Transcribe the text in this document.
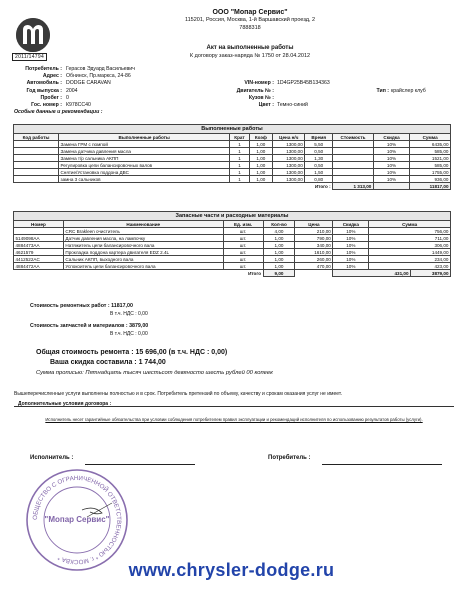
2011/14794
ООО "Мопар Сервис"
115201, Россия, Москва, 1-й Варшавский проезд, 2
7888318
Акт на выполненные работы
К договору заказ-наряда № 1750 от 28.04.2012
Потребитель : Герасов Эдуард Васильевич
Адрес : Обнинск, Пр.маркса, 24-86
Автомобиль : DODGE CARAVAN	VIN-номер : 1D4GP25B45B134363
Год выпуска : 2004	Двигатель № :	Тип : крайслер клуб
Пробег : 0	Кузов № :
Гос. номер : К978СС40	Цвет : Темно-синий
Особые данные и рекомендации :
Выполненные работы								
Код работы	Выполненные работы	Крат	Коэф	Цена н/ч	Время	Стоимость	Скидка	Сумма
	Замена ГРМ с помпой	1	1,00	1300,00	5,50		10%	6435,00
	Замена датчика давления масла	1	1,00	1300,00	0,50		10%	585,00
	Замена т/р сальника АКПП	1	1,00	1300,00	1,30		10%	1521,00
	Регулировка цепи балансировочных валов	1	1,00	1300,00	0,50		10%	585,00
	Снятие/Установка поддона ДВС	1	1,00	1300,00	1,50		10%	1755,00
	замна 3 сальников	1	1,00	1300,00	0,80		10%	936,00
					Итого :	1 313,00		11817,00
Запасные части и расходные материалы							
Номер	Наименование	Ед. изм.	Кол-во	Цена	Скидка	Сумма	
	CRC Brakleen очиститель	шт.	4,00	210,00	10%	756,00	
5149098AA	Датчик давления масла, на лампочку	шт.	1,00	790,00	10%	711,00	
4884473AA	Натяжитель цепи балансировочного вала	шт.	1,00	340,00	10%	306,00	
4621579	Прокладка поддона картера двигателя EDZ 2.4L	шт.	1,00	1610,00	10%	1449,00	
4412522AC	Сальник АКПП, выходного вала	шт.	1,00	260,00	10%	234,00	
4884472AA	Успокоитель цепи балансировочного вала	шт.	1,00	470,00	10%	423,00	
		Итого	9,00		431,00		3879,00
Стоимость ремонтных работ : 11817,00
В т.ч. НДС : 0,00
Стоимость запчастей и материалов : 3879,00
В т.ч. НДС : 0,00
Общая стоимость ремонта : 15 696,00 (в т.ч. НДС : 0,00)
Ваша скидка составила : 1 744,00
Сумма прописью: Пятнадцать тысяч шестьсот девяносто шесть рублей 00 копеек
Вышеперечисленные услуги выполнены полностью и в срок. Потребитель претензий по объему, качеству и срокам оказания услуг не имеет.
Дополнительные условия договора :
Исполнитель несет гарантийные обязательства при условии соблюдения потребителем правил эксплуатации и рекомендаций исполнителя по использованию результатов работы (услуги).
Исполнитель :	Потребитель :
ОБЩЕСТВО С ОГРАНИЧЕННОЙ ОТВЕТСТВЕННОСТЬЮ * г. МОСКВА *
"Мопар Сервис"
www.chrysler-dodge.ru
